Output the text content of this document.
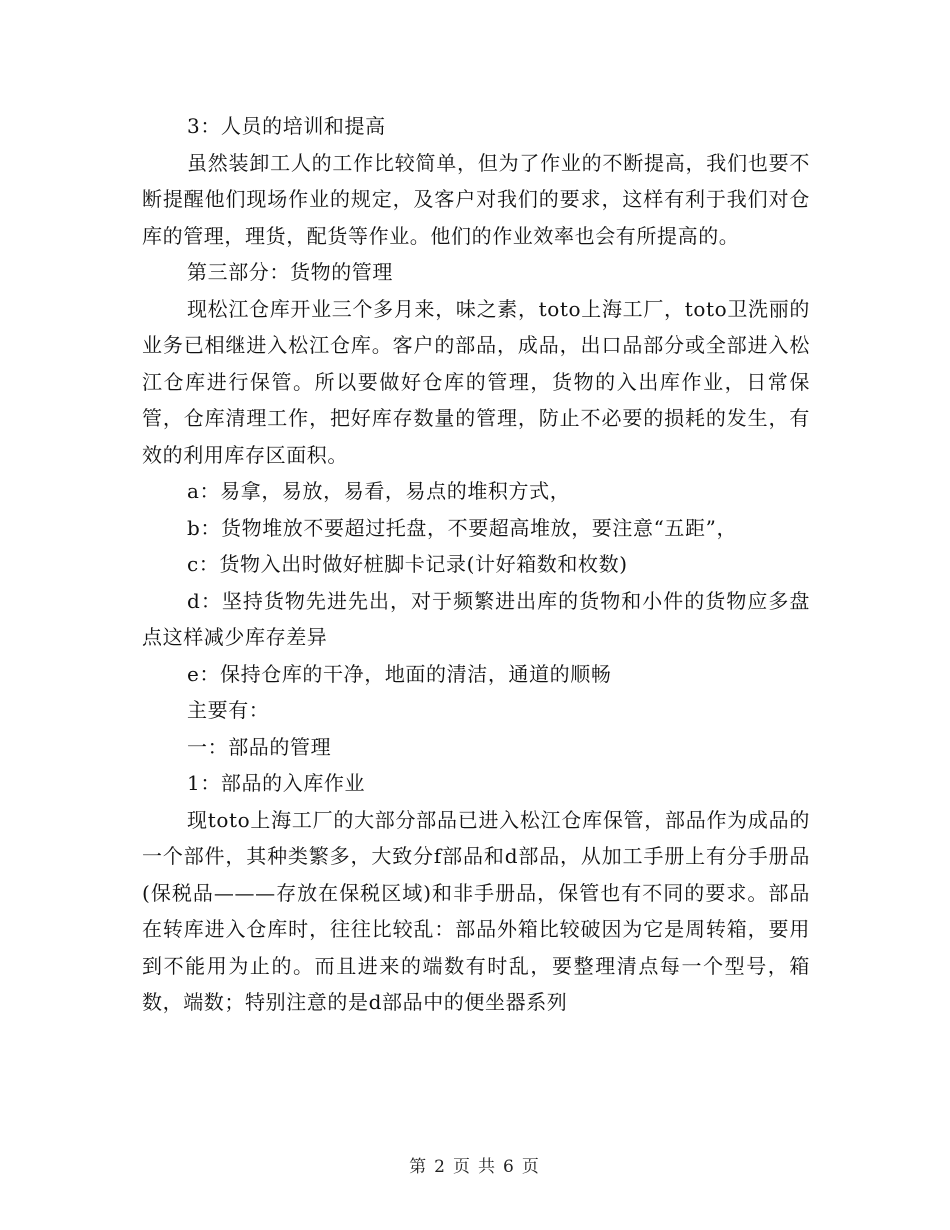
3：人员的培训和提高

虽然装卸工人的工作比较简单，但为了作业的不断提高，我们也要不断提醒他们现场作业的规定，及客户对我们的要求，这样有利于我们对仓库的管理，理货，配货等作业。他们的作业效率也会有所提高的。

第三部分：货物的管理

现松江仓库开业三个多月来，味之素，toto上海工厂，toto卫洗丽的业务已相继进入松江仓库。客户的部品，成品，出口品部分或全部进入松江仓库进行保管。所以要做好仓库的管理，货物的入出库作业，日常保管，仓库清理工作，把好库存数量的管理，防止不必要的损耗的发生，有效的利用库存区面积。

a：易拿，易放，易看，易点的堆积方式，

b：货物堆放不要超过托盘，不要超高堆放，要注意“五距”，

c：货物入出时做好桩脚卡记录(计好箱数和枚数)

d：坚持货物先进先出，对于频繁进出库的货物和小件的货物应多盘点这样减少库存差异

e：保持仓库的干净，地面的清洁，通道的顺畅

主要有：

一：部品的管理

1：部品的入库作业

现toto上海工厂的大部分部品已进入松江仓库保管，部品作为成品的一个部件，其种类繁多，大致分f部品和d部品，从加工手册上有分手册品(保税品———存放在保税区域)和非手册品，保管也有不同的要求。部品在转库进入仓库时，往往比较乱：部品外箱比较破因为它是周转箱，要用到不能用为止的。而且进来的端数有时乱，要整理清点每一个型号，箱数，端数；特别注意的是d部品中的便坐器系列

第 2 页 共 6 页
